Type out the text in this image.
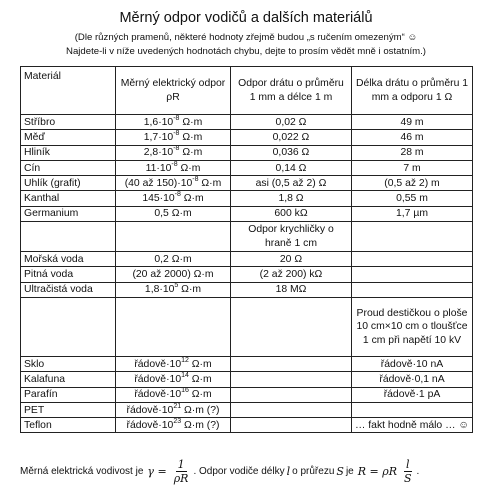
Měrný odpor vodičů a dalších materiálů
(Dle různých pramenů, některé hodnoty zřejmě budou „s ručením omezeným“ ☺
Najdete-li v níže uvedených hodnotách chybu, dejte to prosím vědět mně i ostatním.)
Materiál	Měrný elektrický odpor ρR	Odpor drátu o průměru 1 mm a délce 1 m	Délka drátu o průměru 1 mm a odporu 1 Ω
Stříbro	$1,6\cdot 10^{-8}$ Ω·m	0,02 Ω	49 m
Měď	$1,7\cdot 10^{-8}$ Ω·m	0,022 Ω	46 m
Hliník	$2,8\cdot 10^{-8}$ Ω·m	0,036 Ω	28 m
Cín	$11\cdot 10^{-8}$ Ω·m	0,14 Ω	7 m
Uhlík (grafit)	(40 až $150)\cdot 10^{-8}$ Ω·m	asi (0,5 až 2) Ω	(0,5 až 2) m
Kanthal	$145\cdot 10^{-8}$ Ω·m	1,8 Ω	0,55 m
Germanium	0,5 Ω·m	600 kΩ	1,7 µm
		Odpor krychličky o hraně 1 cm	
Mořská voda	0,2 Ω·m	20 Ω	
Pitná voda	(20 až 2000) Ω·m	(2 až 200) kΩ	
Ultračistá voda	$1,8\cdot 10^5$ Ω·m	18 MΩ	
			Proud destičkou o ploše 10 cm×10 cm o tloušťce 1 cm při napětí 10 kV
Sklo	$řádově\cdot 10^{12}$ Ω·m		řádově·10 nA
Kalafuna	$řádově\cdot 10^{14}$ Ω·m		řádově·0,1 nA
Parafín	$řádově\cdot 10^{16}$ Ω·m		řádově·1 pA
PET	$řádově\cdot 10^{21}$ Ω·m (?)		
Teflon	$řádově\cdot 10^{23}$ Ω·m (?)		… fakt hodně málo … ☺
Měrná elektrická vodivost je $\gamma = \frac{1}{\rho R}$ . Odpor vodiče délky l o průřezu S je R = ρR $\frac{l}{S}$ .
